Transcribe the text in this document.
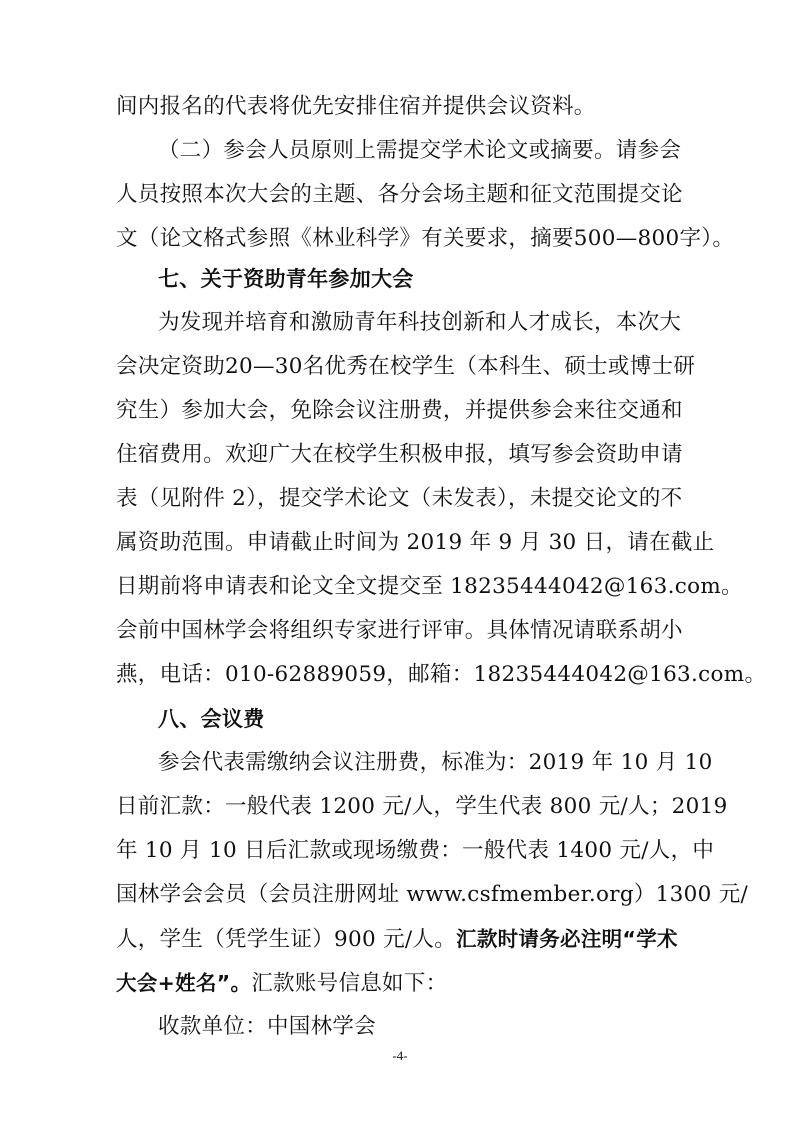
间内报名的代表将优先安排住宿并提供会议资料。
（二）参会人员原则上需提交学术论文或摘要。请参会
人员按照本次大会的主题、各分会场主题和征文范围提交论
文（论文格式参照《林业科学》有关要求，摘要500—800字）。
七、关于资助青年参加大会
为发现并培育和激励青年科技创新和人才成长，本次大
会决定资助20—30名优秀在校学生（本科生、硕士或博士研
究生）参加大会，免除会议注册费，并提供参会来往交通和
住宿费用。欢迎广大在校学生积极申报，填写参会资助申请
表（见附件 2），提交学术论文（未发表），未提交论文的不
属资助范围。申请截止时间为 2019 年 9 月 30 日，请在截止
日期前将申请表和论文全文提交至 18235444042@163.com。
会前中国林学会将组织专家进行评审。具体情况请联系胡小
燕，电话：010-62889059，邮箱：18235444042@163.com。
八、会议费
参会代表需缴纳会议注册费，标准为：2019 年 10 月 10
日前汇款：一般代表 1200 元/人，学生代表 800 元/人；2019
年 10 月 10 日后汇款或现场缴费：一般代表 1400 元/人，中
国林学会会员（会员注册网址 www.csfmember.org）1300 元/
人，学生（凭学生证）900 元/人。汇款时请务必注明“学术
大会+姓名”。汇款账号信息如下：
收款单位：中国林学会
-4-
